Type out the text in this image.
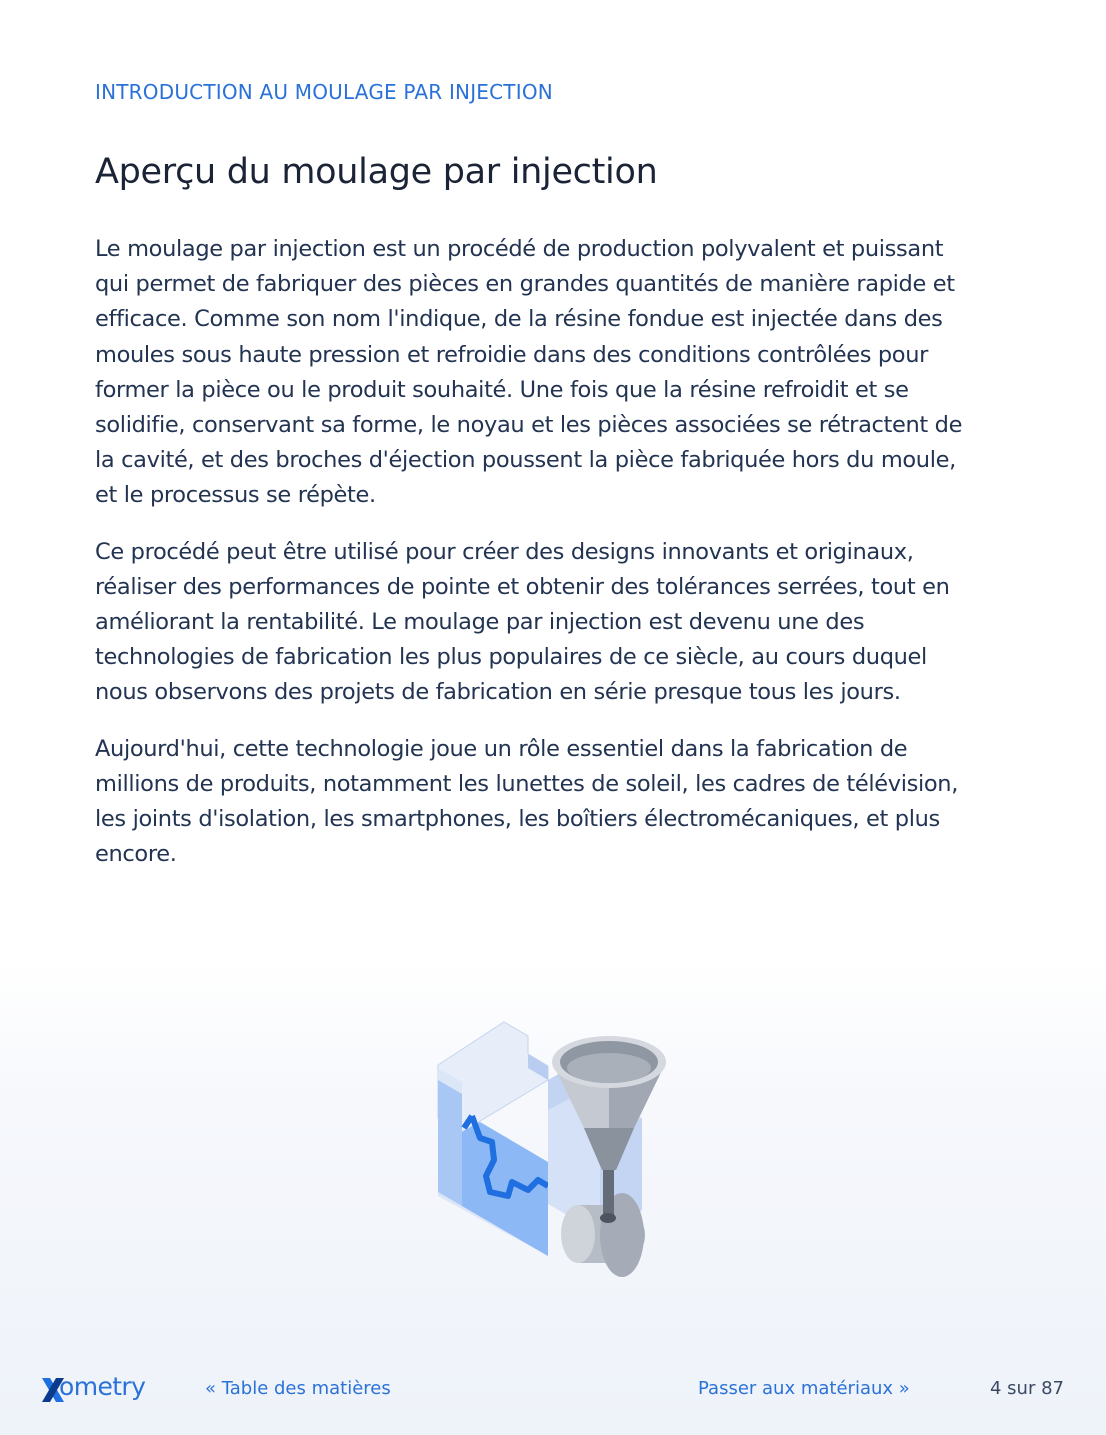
INTRODUCTION AU MOULAGE PAR INJECTION

Aperçu du moulage par injection

Le moulage par injection est un procédé de production polyvalent et puissant qui permet de fabriquer des pièces en grandes quantités de manière rapide et efficace. Comme son nom l'indique, de la résine fondue est injectée dans des moules sous haute pression et refroidie dans des conditions contrôlées pour former la pièce ou le produit souhaité. Une fois que la résine refroidit et se solidifie, conservant sa forme, le noyau et les pièces associées se rétractent de la cavité, et des broches d'éjection poussent la pièce fabriquée hors du moule, et le processus se répète.

Ce procédé peut être utilisé pour créer des designs innovants et originaux, réaliser des performances de pointe et obtenir des tolérances serrées, tout en améliorant la rentabilité. Le moulage par injection est devenu une des technologies de fabrication les plus populaires de ce siècle, au cours duquel nous observons des projets de fabrication en série presque tous les jours.

Aujourd'hui, cette technologie joue un rôle essentiel dans la fabrication de millions de produits, notamment les lunettes de soleil, les cadres de télévision, les joints d'isolation, les smartphones, les boîtiers électromécaniques, et plus encore.

ometry	« Table des matières	Passer aux matériaux »	4 sur 87
